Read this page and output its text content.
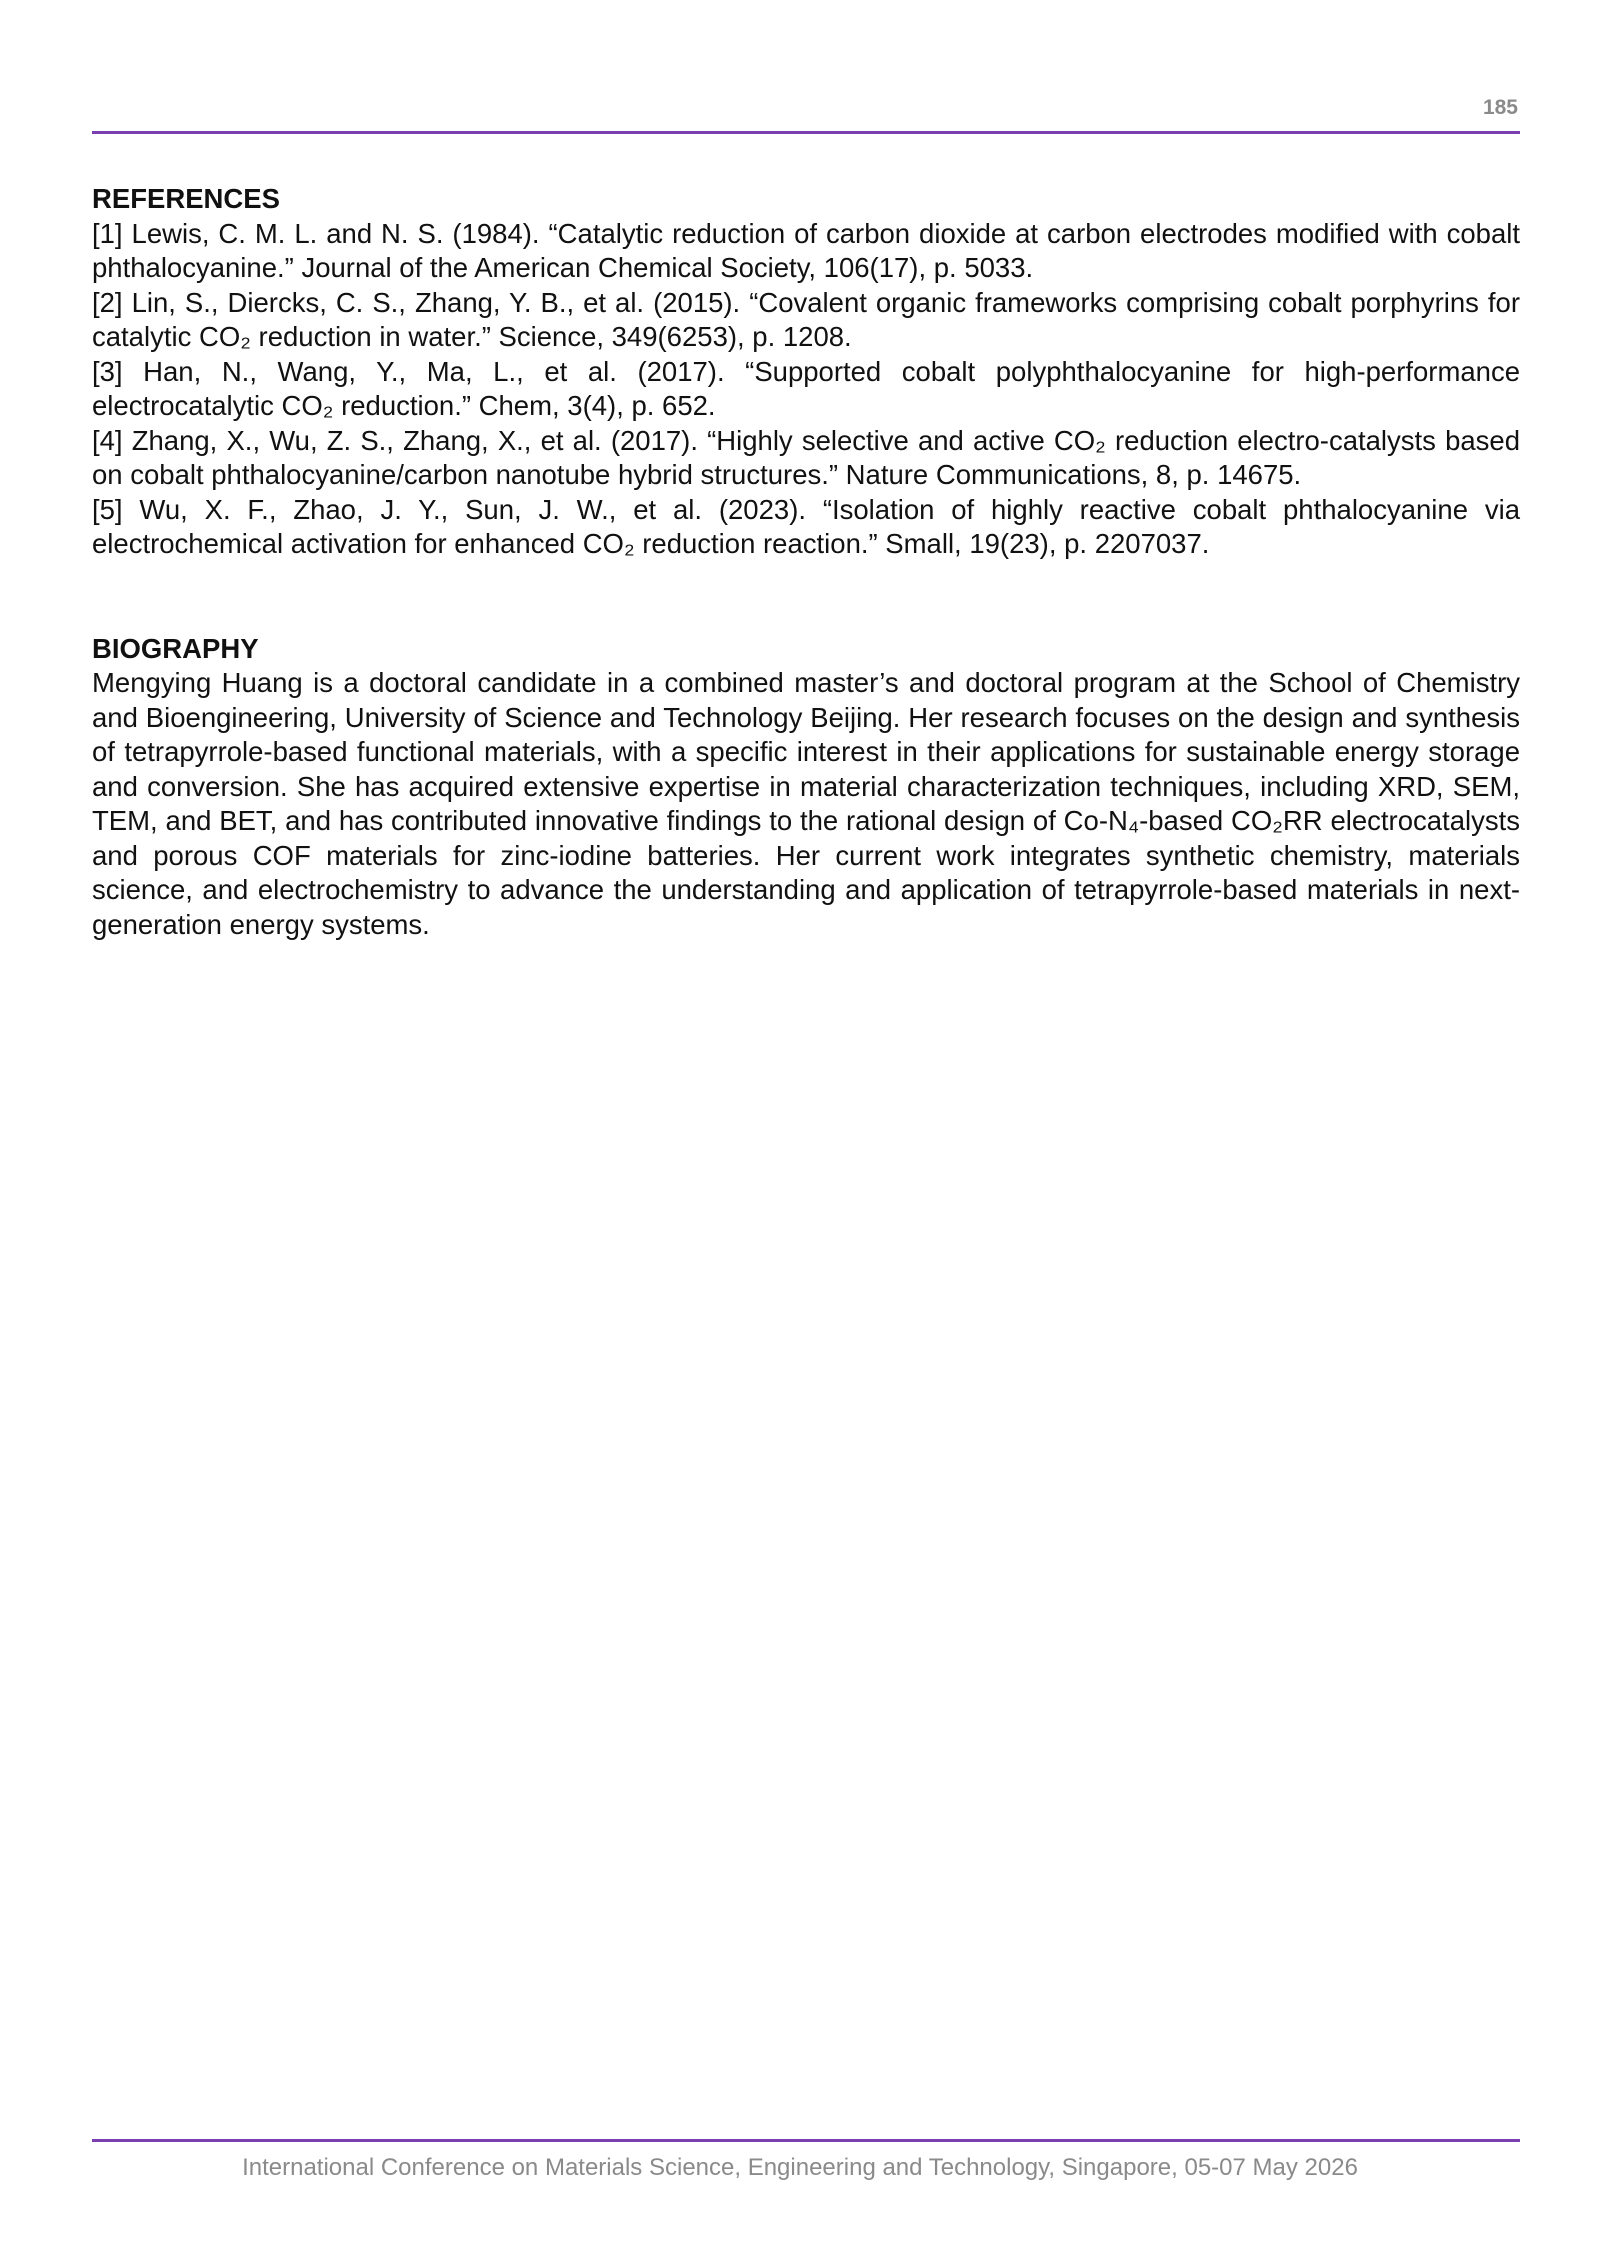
185
REFERENCES

[1] Lewis, C. M. L. and N. S. (1984). “Catalytic reduction of carbon dioxide at carbon electrodes modified with cobalt phthalocyanine.” Journal of the American Chemical Society, 106(17), p. 5033.

[2] Lin, S., Diercks, C. S., Zhang, Y. B., et al. (2015). “Covalent organic frameworks comprising cobalt porphyrins for catalytic CO₂ reduction in water.” Science, 349(6253), p. 1208.

[3] Han, N., Wang, Y., Ma, L., et al. (2017). “Supported cobalt polyphthalocyanine for high-performance electrocatalytic CO₂ reduction.” Chem, 3(4), p. 652.

[4] Zhang, X., Wu, Z. S., Zhang, X., et al. (2017). “Highly selective and active CO₂ reduction electro-catalysts based on cobalt phthalocyanine/carbon nanotube hybrid structures.” Nature Communications, 8, p. 14675.

[5] Wu, X. F., Zhao, J. Y., Sun, J. W., et al. (2023). “Isolation of highly reactive cobalt phthalocyanine via electrochemical activation for enhanced CO₂ reduction reaction.” Small, 19(23), p. 2207037.

BIOGRAPHY

Mengying Huang is a doctoral candidate in a combined master’s and doctoral program at the School of Chemistry and Bioengineering, University of Science and Technology Beijing. Her research focuses on the design and synthesis of tetrapyrrole-based functional materials, with a specific interest in their applications for sustainable energy storage and conversion. She has acquired extensive expertise in material characterization techniques, including XRD, SEM, TEM, and BET, and has contributed innovative findings to the rational design of Co-N₄-based CO₂RR electrocatalysts and porous COF materials for zinc-iodine batteries. Her current work integrates synthetic chemistry, materials science, and electrochemistry to advance the understanding and application of tetrapyrrole-based materials in next-generation energy systems.

International Conference on Materials Science, Engineering and Technology, Singapore, 05-07 May 2026
